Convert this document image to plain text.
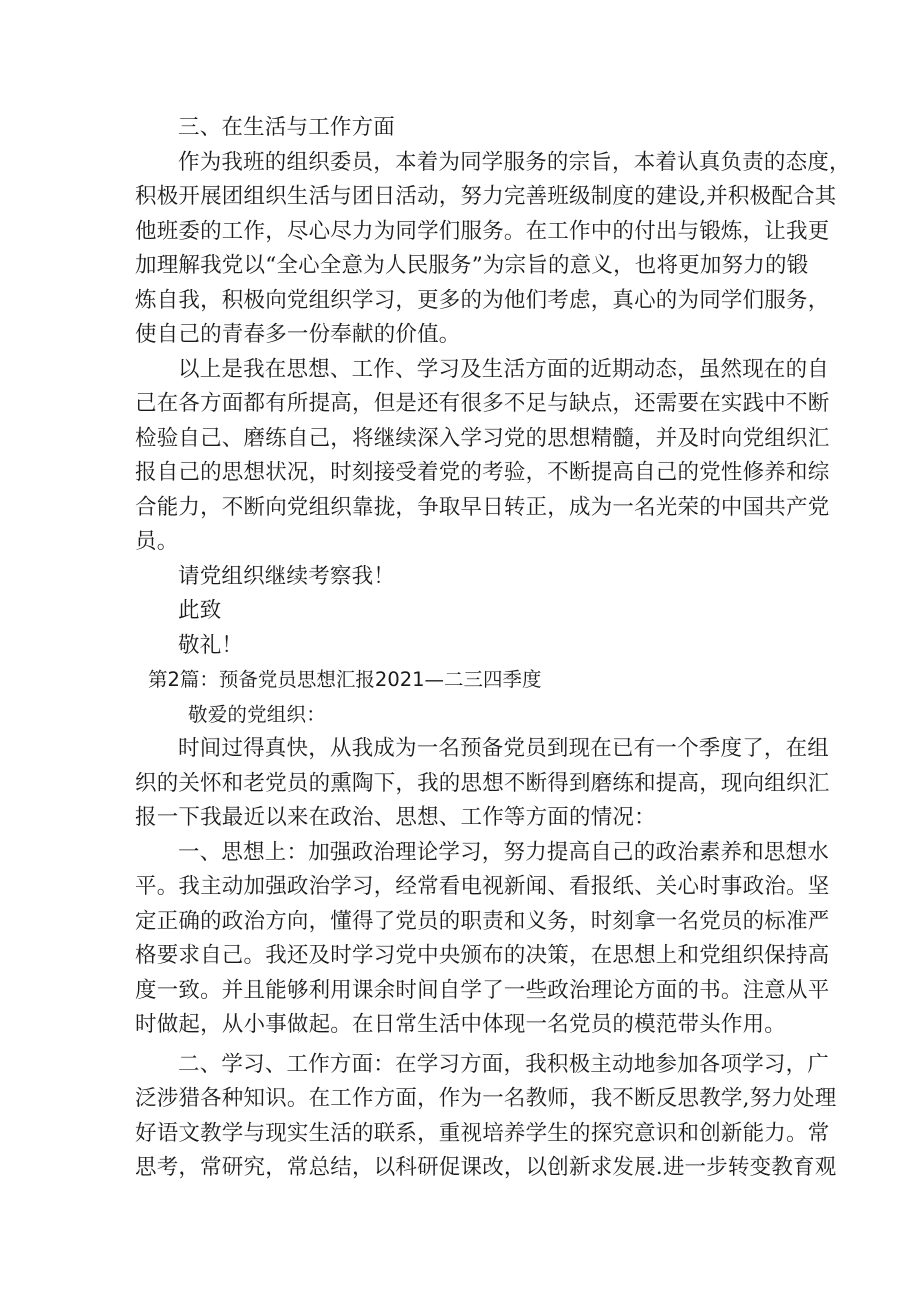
三、在生活与工作方面
作为我班的组织委员，本着为同学服务的宗旨，本着认真负责的态度，
积极开展团组织生活与团日活动，努力完善班级制度的建设,并积极配合其
他班委的工作，尽心尽力为同学们服务。在工作中的付出与锻炼，让我更
加理解我党以“全心全意为人民服务”为宗旨的意义，也将更加努力的锻
炼自我，积极向党组织学习，更多的为他们考虑，真心的为同学们服务，
使自己的青春多一份奉献的价值。
以上是我在思想、工作、学习及生活方面的近期动态，虽然现在的自
己在各方面都有所提高，但是还有很多不足与缺点，还需要在实践中不断
检验自己、磨练自己，将继续深入学习党的思想精髓，并及时向党组织汇
报自己的思想状况，时刻接受着党的考验，不断提高自己的党性修养和综
合能力，不断向党组织靠拢，争取早日转正，成为一名光荣的中国共产党
员。
请党组织继续考察我！
此致
敬礼！
第2篇：预备党员思想汇报2021—二三四季度
敬爱的党组织：
时间过得真快，从我成为一名预备党员到现在已有一个季度了，在组
织的关怀和老党员的熏陶下，我的思想不断得到磨练和提高，现向组织汇
报一下我最近以来在政治、思想、工作等方面的情况：
一、思想上：加强政治理论学习，努力提高自己的政治素养和思想水
平。我主动加强政治学习，经常看电视新闻、看报纸、关心时事政治。坚
定正确的政治方向，懂得了党员的职责和义务，时刻拿一名党员的标准严
格要求自己。我还及时学习党中央颁布的决策，在思想上和党组织保持高
度一致。并且能够利用课余时间自学了一些政治理论方面的书。注意从平
时做起，从小事做起。在日常生活中体现一名党员的模范带头作用。
二、学习、工作方面：在学习方面，我积极主动地参加各项学习，广
泛涉猎各种知识。在工作方面，作为一名教师，我不断反思教学,努力处理
好语文教学与现实生活的联系，重视培养学生的探究意识和创新能力。常
思考，常研究，常总结，以科研促课改，以创新求发展.进一步转变教育观
